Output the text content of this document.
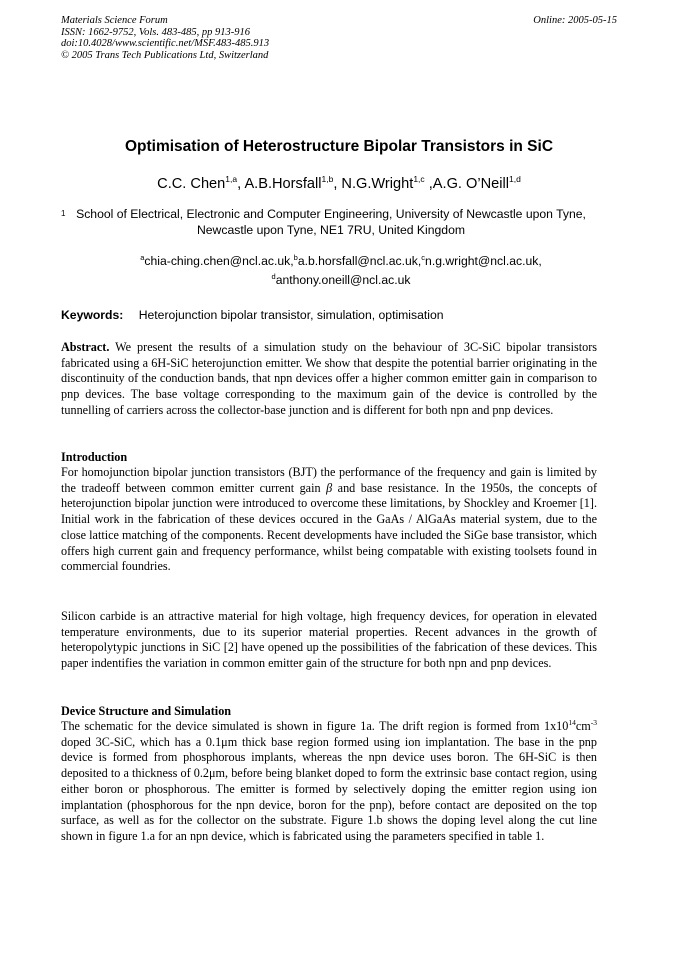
Materials Science Forum
ISSN: 1662-9752, Vols. 483-485, pp 913-916
doi:10.4028/www.scientific.net/MSF.483-485.913
© 2005 Trans Tech Publications Ltd, Switzerland
Online: 2005-05-15
Optimisation of Heterostructure Bipolar Transistors in SiC
C.C. Chen$^{1,a}$, A.B.Horsfall$^{1,b}$, N.G.Wright$^{1,c}$ ,A.G. O’Neill$^{1,d}$
1 School of Electrical, Electronic and Computer Engineering, University of Newcastle upon Tyne,
Newcastle upon Tyne, NE1 7RU, United Kingdom
$^a$chia-ching.chen@ncl.ac.uk,$^b$a.b.horsfall@ncl.ac.uk,$^c$n.g.wright@ncl.ac.uk,
$^d$anthony.oneill@ncl.ac.uk
Keywords: Heterojunction bipolar transistor, simulation, optimisation
Abstract. We present the results of a simulation study on the behaviour of 3C-SiC bipolar transistors fabricated using a 6H-SiC heterojunction emitter. We show that despite the potential barrier originating in the discontinuity of the conduction bands, that npn devices offer a higher common emitter gain in comparison to pnp devices. The base voltage corresponding to the maximum gain of the device is controlled by the tunnelling of carriers across the collector-base junction and is different for both npn and pnp devices.
Introduction
For homojunction bipolar junction transistors (BJT) the performance of the frequency and gain is limited by the tradeoff between common emitter current gain β and base resistance. In the 1950s, the concepts of heterojunction bipolar junction were introduced to overcome these limitations, by Shockley and Kroemer [1]. Initial work in the fabrication of these devices occured in the GaAs / AlGaAs material system, due to the close lattice matching of the components. Recent developments have included the SiGe base transistor, which offers high current gain and frequency performance, whilst being compatable with existing toolsets found in commercial foundries.
Silicon carbide is an attractive material for high voltage, high frequency devices, for operation in elevated temperature environments, due to its superior material properties. Recent advances in the growth of heteropolytypic junctions in SiC [2] have opened up the possibilities of the fabrication of these devices. This paper indentifies the variation in common emitter gain of the structure for both npn and pnp devices.
Device Structure and Simulation
The schematic for the device simulated is shown in figure 1a. The drift region is formed from $1x10^{14}cm^{-3}$ doped 3C-SiC, which has a 0.1μm thick base region formed using ion implantation. The base in the pnp device is formed from phosphorous implants, whereas the npn device uses boron. The 6H-SiC is then deposited to a thickness of 0.2μm, before being blanket doped to form the extrinsic base contact region, using either boron or phosphorous. The emitter is formed by selectively doping the emitter region using ion implantation (phosphorous for the npn device, boron for the pnp), before contact are deposited on the top surface, as well as for the collector on the substrate. Figure 1.b shows the doping level along the cut line shown in figure 1.a for an npn device, which is fabricated using the parameters specified in table 1.
